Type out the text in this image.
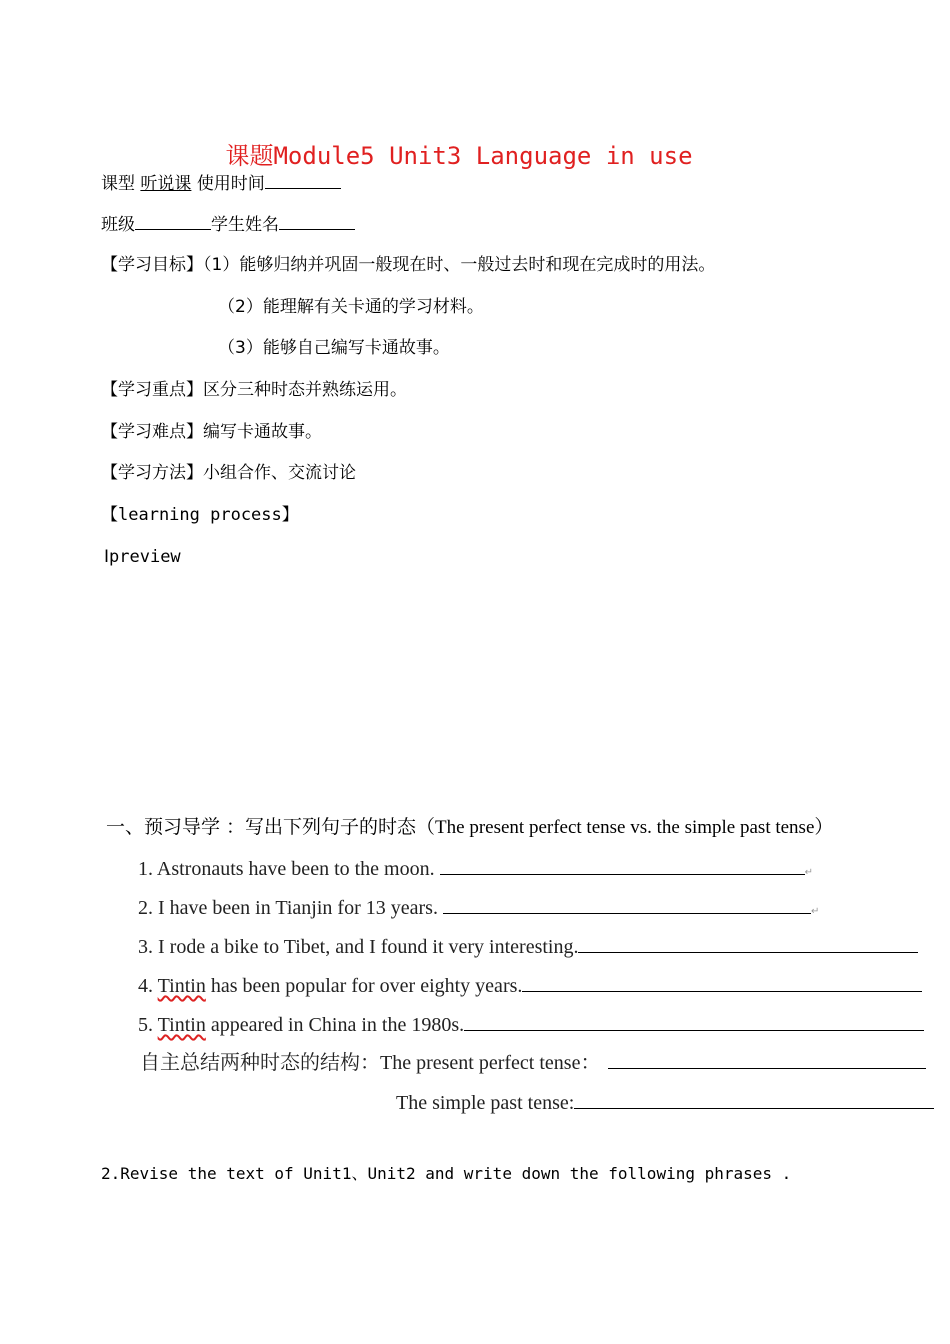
课题Module5 Unit3 Language in use
课型 听说课 使用时间
班级	学生姓名
【学习目标】（1）能够归纳并巩固一般现在时、一般过去时和现在完成时的用法。
（2）能理解有关卡通的学习材料。
（3）能够自己编写卡通故事。
【学习重点】区分三种时态并熟练运用。
【学习难点】编写卡通故事。
【学习方法】小组合作、交流讨论
【learning process】
Ⅰpreview
一、预习导学 ：写出下列句子的时态（The present perfect tense vs. the simple past tense）
1. Astronauts have been to the moon.	↵
2. I have been in Tianjin for 13 years.	↵
3. I rode a bike to Tibet, and I found it very interesting.
4. Tintin has been popular for over eighty years.
5. Tintin appeared in China in the 1980s.
自主总结两种时态的结构：The present perfect tense：
The simple past tense:
2.Revise the text of Unit1、Unit2 and write down the following phrases .
